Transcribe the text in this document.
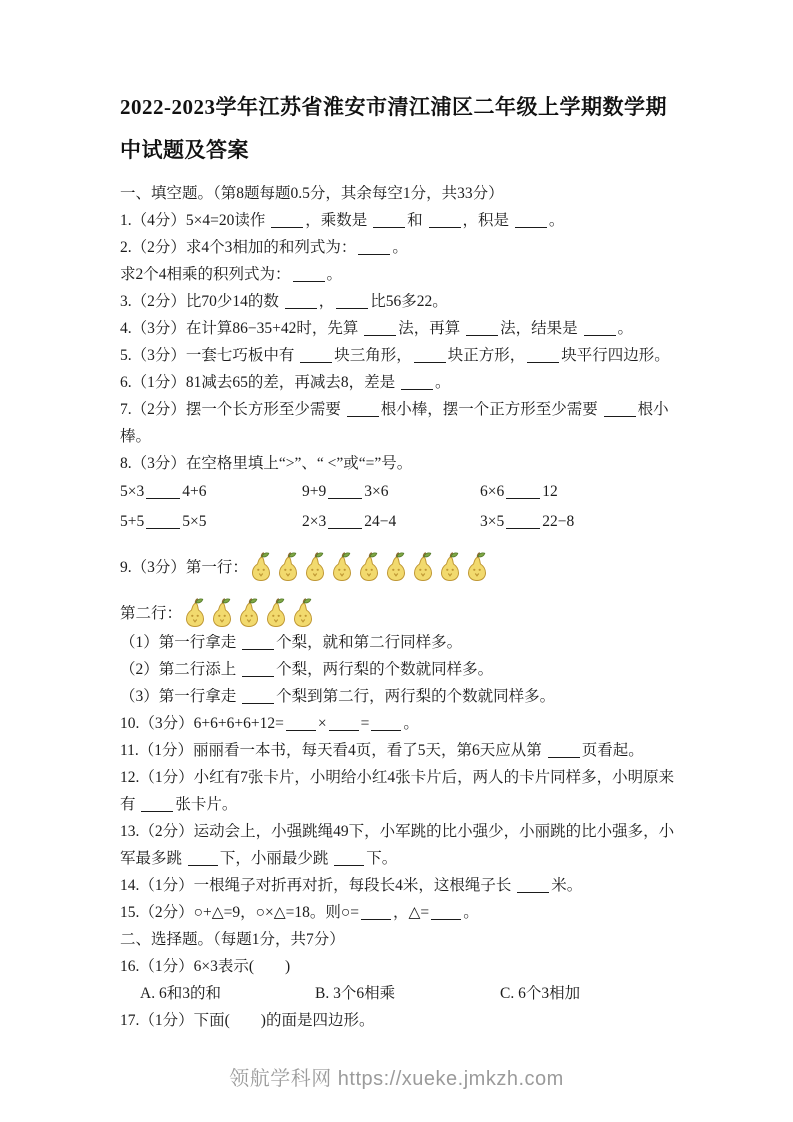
2022-2023学年江苏省淮安市清江浦区二年级上学期数学期中试题及答案

一、填空题。（第8题每题0.5分，其余每空1分，共33分）

1.（4分）5×4=20读作 ，乘数是 和 ，积是 。

2.（2分）求4个3相加的和列式为： 。

求2个4相乘的积列式为： 。

3.（2分）比70少14的数 ， 比56多22。

4.（3分）在计算86−35+42时，先算 法，再算 法，结果是 。

5.（3分）一套七巧板中有 块三角形， 块正方形， 块平行四边形。

6.（1分）81减去65的差，再减去8，差是 。

7.（2分）摆一个长方形至少需要 根小棒，摆一个正方形至少需要 根小棒。

8.（3分）在空格里填上“>”、“ <”或“=”号。

5×3 4+6	9+9 3×6	6×6 12
5+5 5×5	2×3 24−4	3×5 22−8
9.（3分）第一行：
第二行：

（1）第一行拿走 个梨，就和第二行同样多。

（2）第二行添上 个梨，两行梨的个数就同样多。

（3）第一行拿走 个梨到第二行，两行梨的个数就同样多。

10.（3分）6+6+6+6+12= × = 。

11.（1分）丽丽看一本书，每天看4页，看了5天，第6天应从第 页看起。

12.（1分）小红有7张卡片，小明给小红4张卡片后，两人的卡片同样多，小明原来有 张卡片。

13.（2分）运动会上，小强跳绳49下，小军跳的比小强少，小丽跳的比小强多，小军最多跳 下，小丽最少跳 下。

14.（1分）一根绳子对折再对折，每段长4米，这根绳子长 米。

15.（2分）○+△=9，○×△=18。则○= ，△= 。

二、选择题。（每题1分，共7分）

16.（1分）6×3表示(　　)

A. 6和3的和	B. 3个6相乘	C. 6个3相加

17.（1分）下面(　　)的面是四边形。

领航学科网 https://xueke.jmkzh.com
